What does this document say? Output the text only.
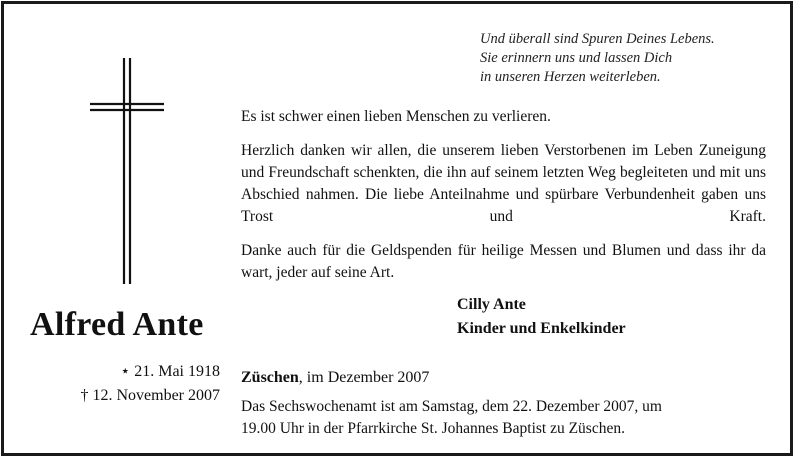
Und überall sind Spuren Deines Lebens.
Sie erinnern uns und lassen Dich
in unseren Herzen weiterleben.

Es ist schwer einen lieben Menschen zu verlieren.

Herzlich danken wir allen, die unserem lieben Verstorbenen im Leben Zuneigung und Freundschaft schenkten, die ihn auf seinem letzten Weg begleiteten und mit uns Abschied nahmen. Die liebe Anteilnahme und spürbare Verbundenheit gaben uns Trost und Kraft.

Danke auch für die Geldspenden für heilige Messen und Blumen und dass ihr da wart, jeder auf seine Art.

Cilly Ante
Kinder und Enkelkinder
Alfred Ante
⋆ 21. Mai 1918
† 12. November 2007
Züschen, im Dezember 2007
Das Sechswochenamt ist am Samstag, dem 22. Dezember 2007, um
19.00 Uhr in der Pfarrkirche St. Johannes Baptist zu Züschen.
